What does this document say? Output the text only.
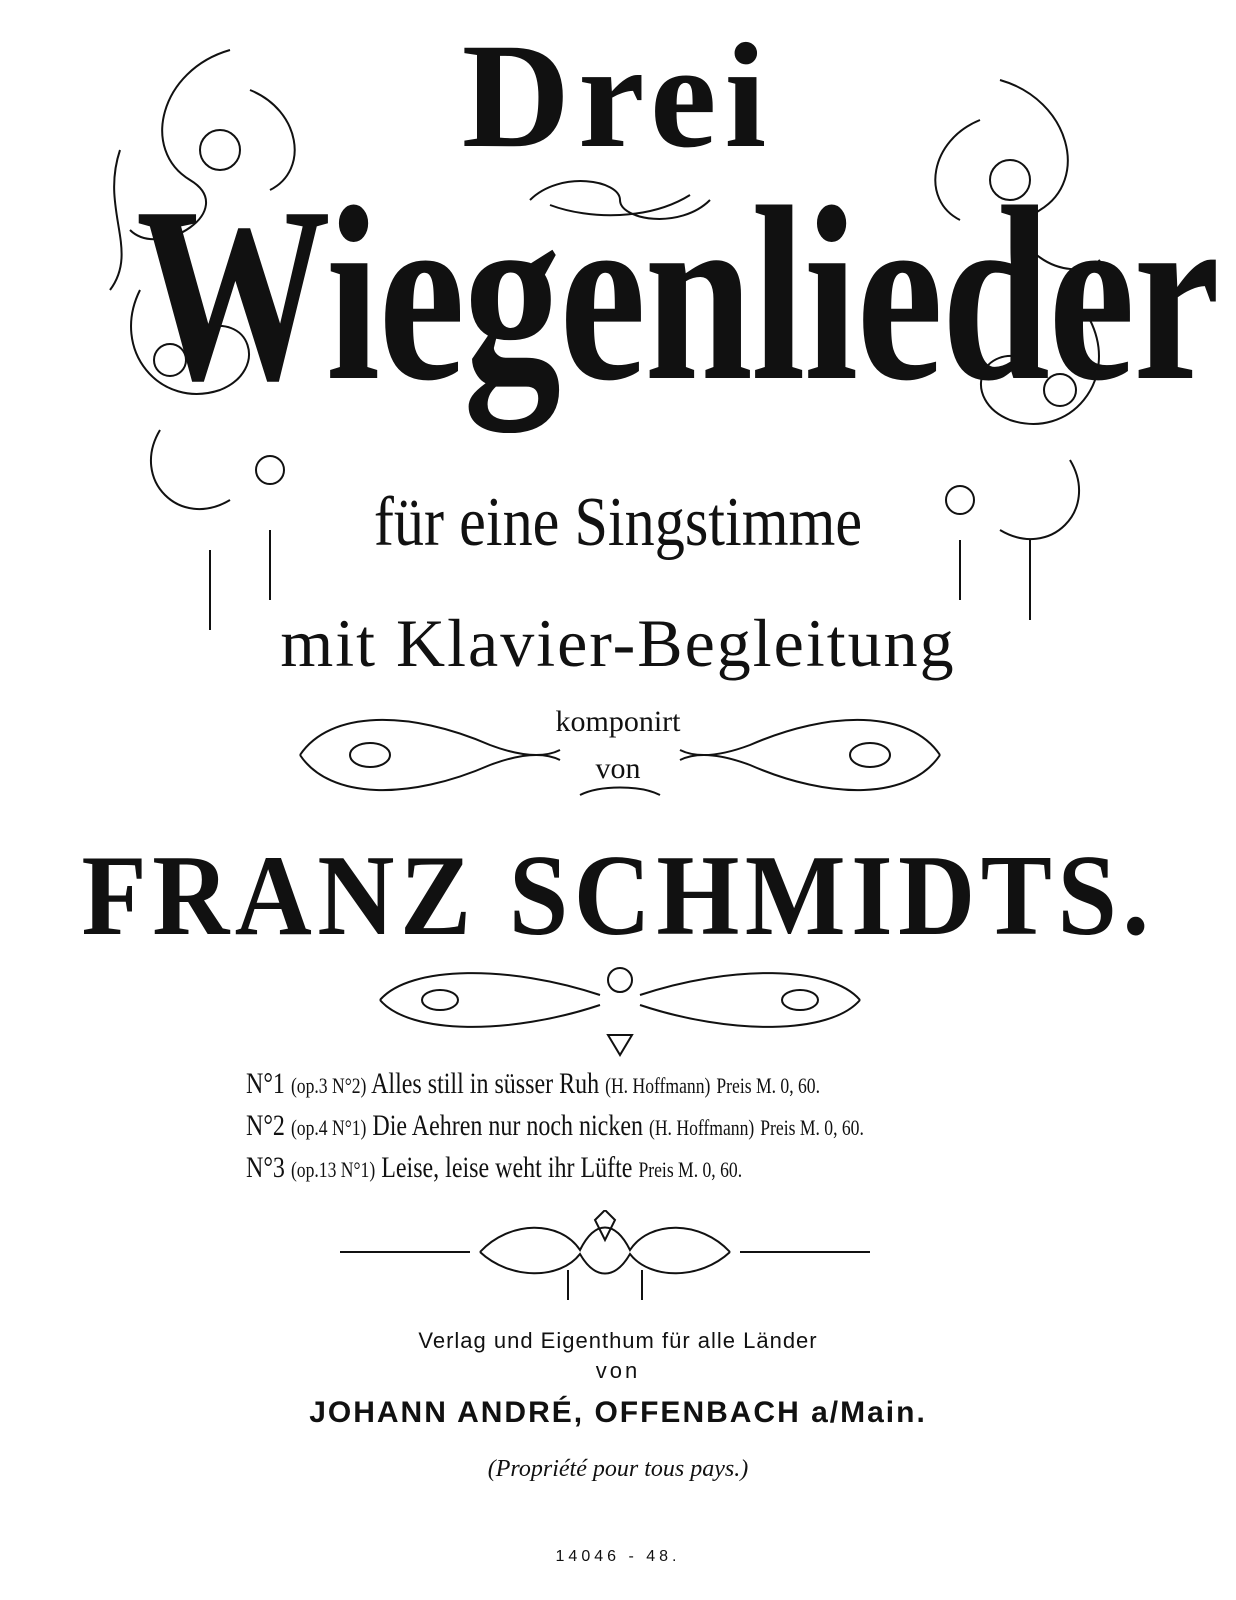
Drei
Wiegenlieder
für eine Singstimme
mit Klavier-Begleitung
komponirt
von
FRANZ SCHMIDTS.
N°1 (op.3 N°2) Alles still in süsser Ruh (H. Hoffmann) Preis M. 0, 60.
N°2 (op.4 N°1) Die Aehren nur noch nicken (H. Hoffmann) Preis M. 0, 60.
N°3 (op.13 N°1) Leise, leise weht ihr Lüfte Preis M. 0, 60.
Verlag und Eigenthum für alle Länder
von
JOHANN ANDRÉ, OFFENBACH a/Main.
(Propriété pour tous pays.)
14046 - 48.
